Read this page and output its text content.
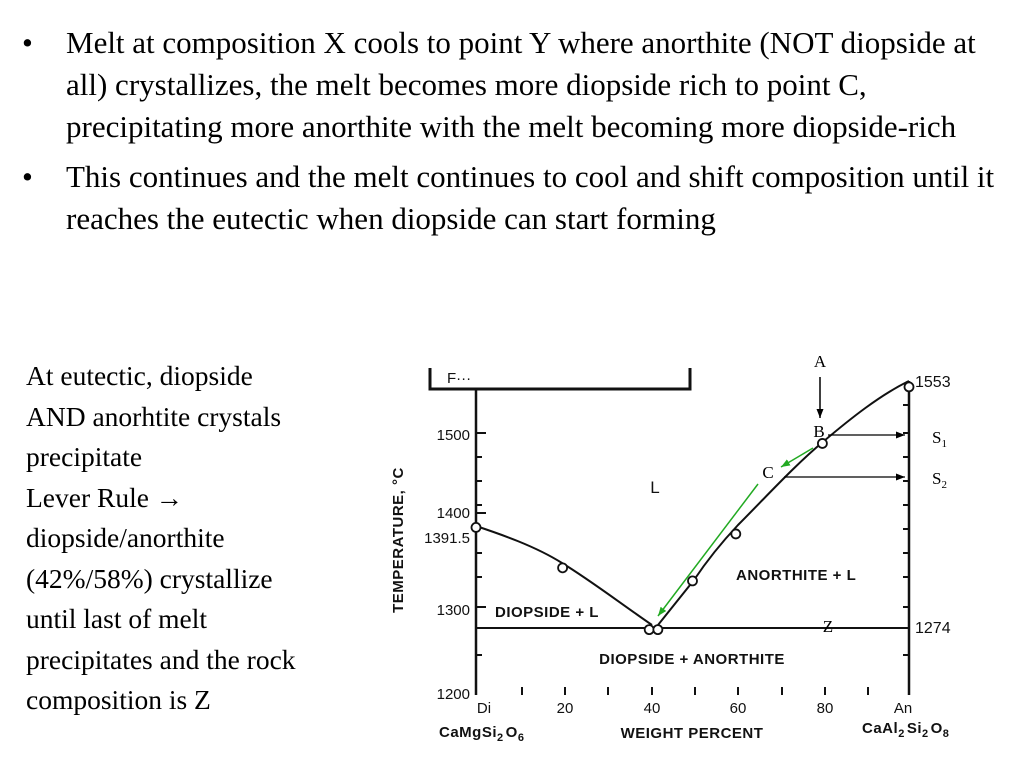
•	Melt at composition X cools to point Y where anorthite (NOT diopside at all) crystallizes, the melt becomes more diopside rich to point C, precipitating more anorthite with the melt becoming more diopside-rich
•	This continues and the melt continues to cool and shift composition until it reaches the eutectic when diopside can start forming
At eutectic, diopside
AND anorhtite crystals
precipitate
Lever Rule →
diopside/anorthite
(42%/58%) crystallize
until last of melt
precipitates and the rock
composition is Z
F···
TEMPERATURE, °C
1500
1400
1391.5
1300
1200
Di	20	40	60	80	An
WEIGHT PERCENT
CaMgSi$_2$ $O_6$
CaAl$_2$ $Si_2$ $O_8$
L
DIOPSIDE + L
ANORTHITE + L
DIOPSIDE + ANORTHITE
1553
1274
A
B
C
Z
$S_1$
$S_2$
